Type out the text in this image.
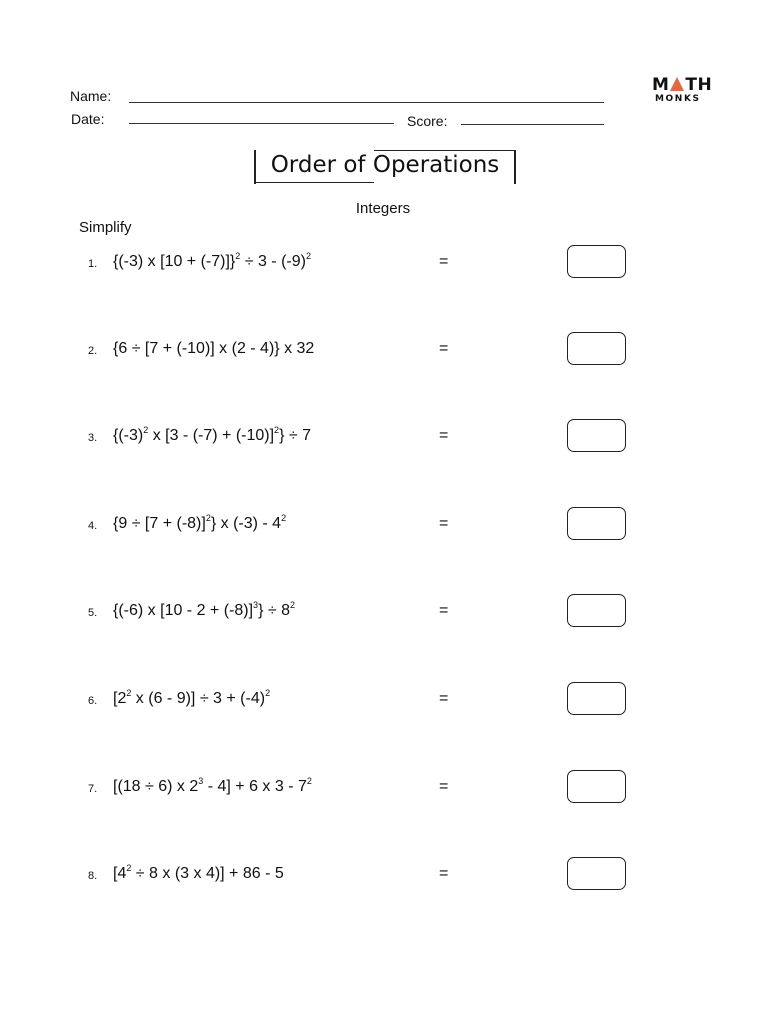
Name:
Date:	Score:
M TH
MONKS
Order of Operations
Integers
Simplify
1. {(-3) x $[10 + (-7)]\}^2 \div 3 - (-9)^2$	=
2. {6 ÷ [7 + (-10)] x (2 - 4)} x 32	=
3. {$(-3)^2$ x $[3 - (-7) + (-10)]^2\} \div 7$	=
4. $\{9 \div [7 + (-8)]^2\}$ x $(-3) - 4^2$	=
5. {(-6) x $[10 - 2 + (-8)]^3\} \div 8^2$	=
6. [$2^2$ x $(6 - 9)] \div 3 + (-4)^2$	=
7. [(18 ÷ 6) x $2^3 - 4] + 6$ x $3 - 7^2$	=
8. [$4^2 \div 8$ x (3 x 4)] + 86 - 5	=
